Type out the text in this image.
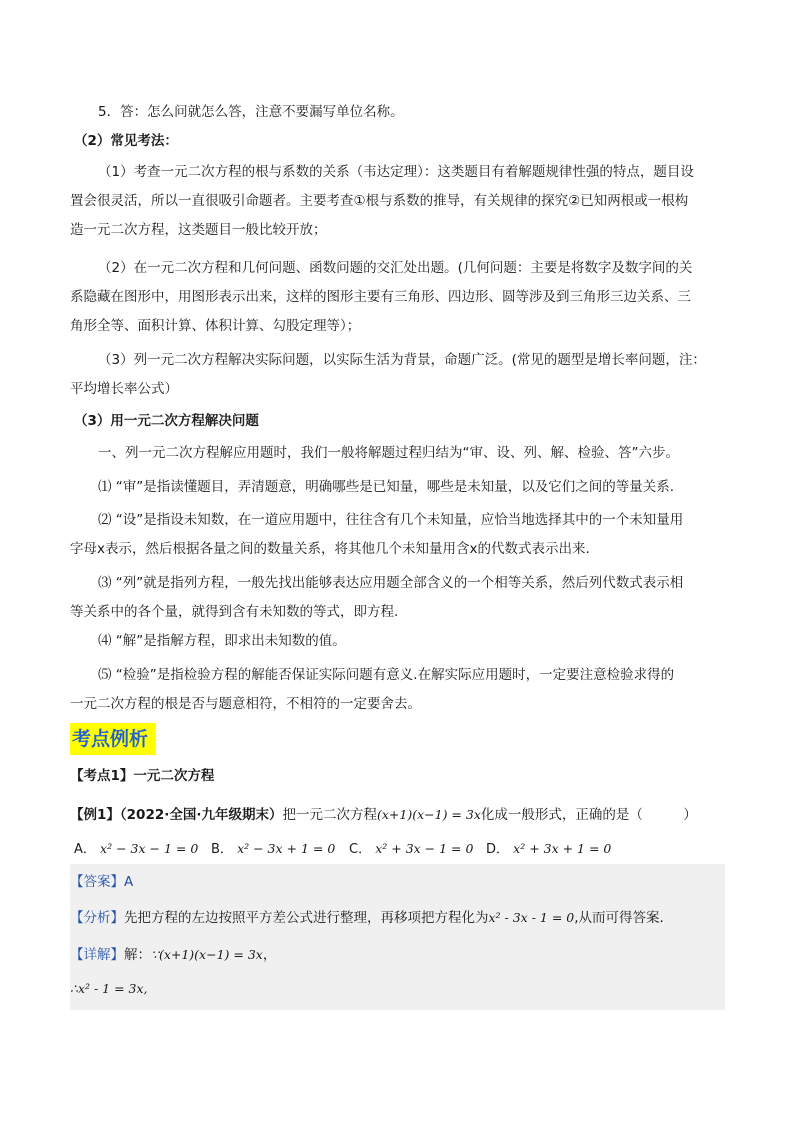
5．答：怎么问就怎么答，注意不要漏写单位名称。

（2）常见考法：

（1）考查一元二次方程的根与系数的关系（韦达定理）：这类题目有着解题规律性强的特点，题目设

置会很灵活，所以一直很吸引命题者。主要考查①根与系数的推导，有关规律的探究②已知两根或一根构

造一元二次方程，这类题目一般比较开放；

（2）在一元二次方程和几何问题、函数问题的交汇处出题。(几何问题：主要是将数字及数字间的关

系隐藏在图形中，用图形表示出来，这样的图形主要有三角形、四边形、圆等涉及到三角形三边关系、三

角形全等、面积计算、体积计算、勾股定理等）；

（3）列一元二次方程解决实际问题，以实际生活为背景，命题广泛。(常见的题型是增长率问题，注：

平均增长率公式）

（3）用一元二次方程解决问题

一、列一元二次方程解应用题时，我们一般将解题过程归结为“审、设、列、解、检验、答”六步。

⑴ “审”是指读懂题目，弄清题意，明确哪些是已知量，哪些是未知量，以及它们之间的等量关系.

⑵ “设”是指设未知数，在一道应用题中，往往含有几个未知量，应恰当地选择其中的一个未知量用

字母x表示，然后根据各量之间的数量关系，将其他几个未知量用含x的代数式表示出来.

⑶ “列”就是指列方程，一般先找出能够表达应用题全部含义的一个相等关系，然后列代数式表示相

等关系中的各个量，就得到含有未知数的等式，即方程.

⑷ “解”是指解方程，即求出未知数的值。

⑸ “检验”是指检验方程的解能否保证实际问题有意义.在解实际应用题时，一定要注意检验求得的

一元二次方程的根是否与题意相符，不相符的一定要舍去。

考点例析

【考点1】一元二次方程

【例1】（2022·全国·九年级期末）把一元二次方程(x+1)(x−1) = 3x化成一般形式，正确的是（　　　）

A． x² − 3x − 1 = 0 B． x² − 3x + 1 = 0 C． x² + 3x − 1 = 0 D． x² + 3x + 1 = 0

【答案】A

【分析】先把方程的左边按照平方差公式进行整理，再移项把方程化为x² - 3x - 1 = 0,从而可得答案.

【详解】解：∵(x+1)(x−1) = 3x，

∴x² - 1 = 3x,
